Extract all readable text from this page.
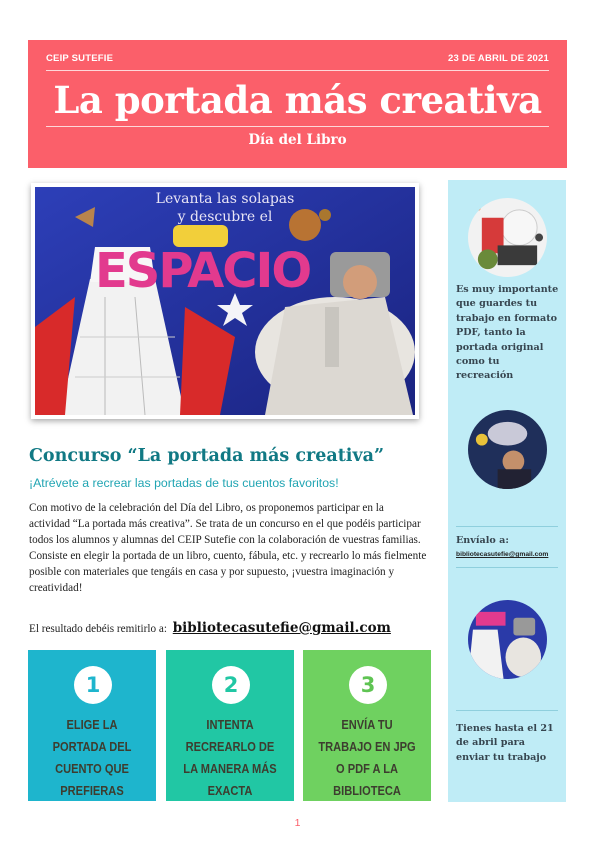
CEIP SUTEFIE	23 DE ABRIL DE 2021
La portada más creativa
Día del Libro
ESPACIO
Levanta las solapas
y descubre el
Es muy importante que guardes tu trabajo en formato PDF, tanto la portada original como tu recreación
Envíalo a:
bibliotecasutefie@gmail.com
Tienes hasta el 21 de abril para enviar tu trabajo
Concurso “La portada más creativa”
¡Atrévete a recrear las portadas de tus cuentos favoritos!
Con motivo de la celebración del Día del Libro, os proponemos participar en la actividad “La portada más creativa”. Se trata de un concurso en el que podéis participar todos los alumnos y alumnas del CEIP Sutefie con la colaboración de vuestras familias. Consiste en elegir la portada de un libro, cuento, fábula, etc. y recrearlo lo más fielmente posible con materiales que tengáis en casa y por supuesto, ¡vuestra imaginación y creatividad!
El resultado debéis remitirlo a: bibliotecasutefie@gmail.com
1
ELIGE LA PORTADA DEL CUENTO QUE PREFIERAS
2
INTENTA RECREARLO DE LA MANERA MÁS EXACTA
3
ENVÍA TU TRABAJO EN JPG O PDF A LA BIBLIOTECA
1
